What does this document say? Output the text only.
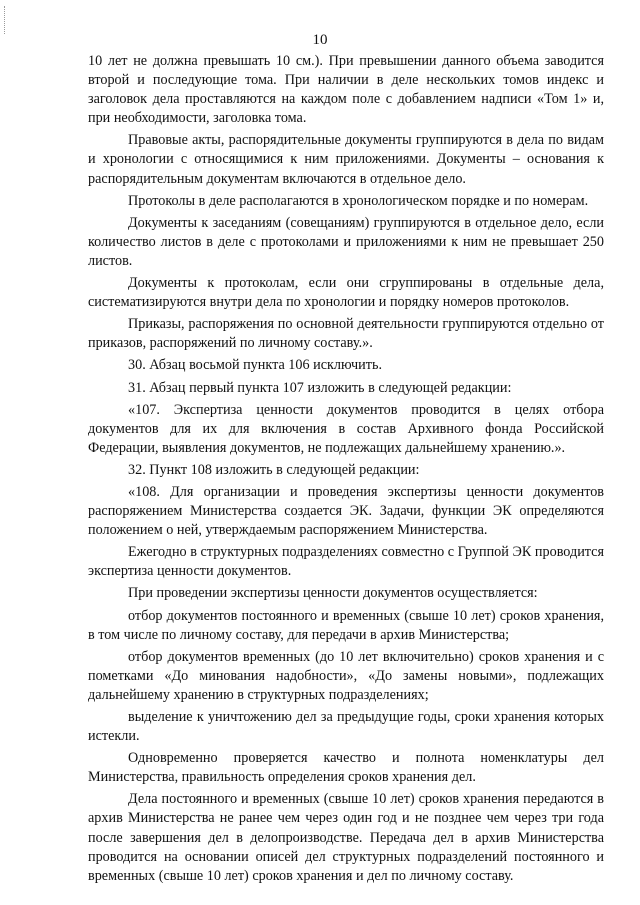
10

10 лет не должна превышать 10 см.). При превышении данного объема заводится второй и последующие тома. При наличии в деле нескольких томов индекс и заголовок дела проставляются на каждом поле с добавлением надписи «Том 1» и, при необходимости, заголовка тома.

Правовые акты, распорядительные документы группируются в дела по видам и хронологии с относящимися к ним приложениями. Документы – основания к распорядительным документам включаются в отдельное дело.

Протоколы в деле располагаются в хронологическом порядке и по номерам.

Документы к заседаниям (совещаниям) группируются в отдельное дело, если количество листов в деле с протоколами и приложениями к ним не превышает 250 листов.

Документы к протоколам, если они сгруппированы в отдельные дела, систематизируются внутри дела по хронологии и порядку номеров протоколов.

Приказы, распоряжения по основной деятельности группируются отдельно от приказов, распоряжений по личному составу.».

30. Абзац восьмой пункта 106 исключить.

31. Абзац первый пункта 107 изложить в следующей редакции:

«107. Экспертиза ценности документов проводится в целях отбора документов для их для включения в состав Архивного фонда Российской Федерации, выявления документов, не подлежащих дальнейшему хранению.».

32. Пункт 108 изложить в следующей редакции:

«108. Для организации и проведения экспертизы ценности документов распоряжением Министерства создается ЭК. Задачи, функции ЭК определяются положением о ней, утверждаемым распоряжением Министерства.

Ежегодно в структурных подразделениях совместно с Группой ЭК проводится экспертиза ценности документов.

При проведении экспертизы ценности документов осуществляется:

отбор документов постоянного и временных (свыше 10 лет) сроков хранения, в том числе по личному составу, для передачи в архив Министерства;

отбор документов временных (до 10 лет включительно) сроков хранения и с пометками «До минования надобности», «До замены новыми», подлежащих дальнейшему хранению в структурных подразделениях;

выделение к уничтожению дел за предыдущие годы, сроки хранения которых истекли.

Одновременно проверяется качество и полнота номенклатуры дел Министерства, правильность определения сроков хранения дел.

Дела постоянного и временных (свыше 10 лет) сроков хранения передаются в архив Министерства не ранее чем через один год и не позднее чем через три года после завершения дел в делопроизводстве. Передача дел в архив Министерства проводится на основании описей дел структурных подразделений постоянного и временных (свыше 10 лет) сроков хранения и дел по личному составу.
